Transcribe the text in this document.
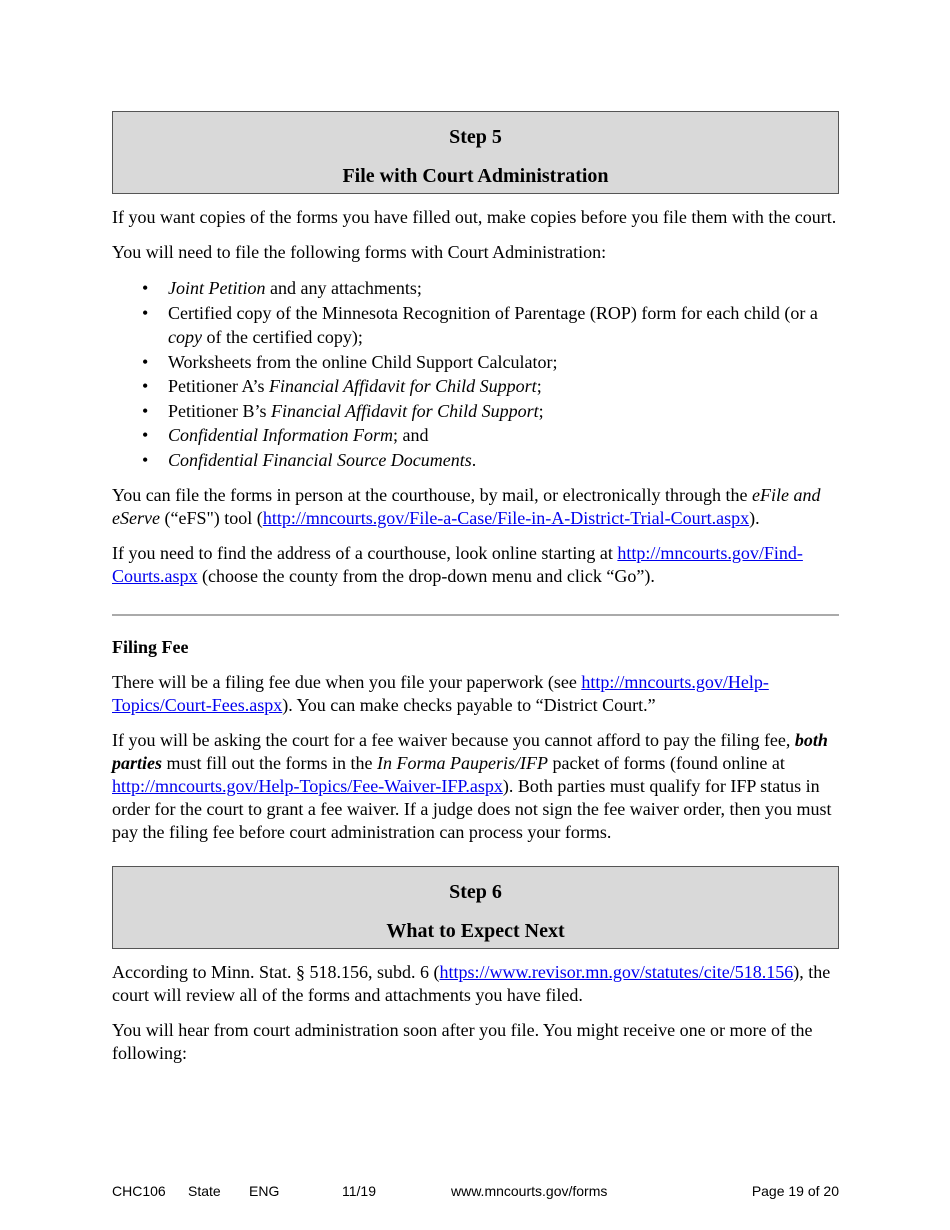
Step 5
File with Court Administration

If you want copies of the forms you have filled out, make copies before you file them with the court.

You will need to file the following forms with Court Administration:

• Joint Petition and any attachments;
• Certified copy of the Minnesota Recognition of Parentage (ROP) form for each child (or a copy of the certified copy);
• Worksheets from the online Child Support Calculator;
• Petitioner A’s Financial Affidavit for Child Support;
• Petitioner B’s Financial Affidavit for Child Support;
• Confidential Information Form; and
• Confidential Financial Source Documents.

You can file the forms in person at the courthouse, by mail, or electronically through the eFile and eServe (“eFS") tool (http://mncourts.gov/File-a-Case/File-in-A-District-Trial-Court.aspx).

If you need to find the address of a courthouse, look online starting at http://mncourts.gov/Find-Courts.aspx (choose the county from the drop-down menu and click “Go”).

Filing Fee

There will be a filing fee due when you file your paperwork (see http://mncourts.gov/Help-Topics/Court-Fees.aspx). You can make checks payable to “District Court.”

If you will be asking the court for a fee waiver because you cannot afford to pay the filing fee, both parties must fill out the forms in the In Forma Pauperis/IFP packet of forms (found online at http://mncourts.gov/Help-Topics/Fee-Waiver-IFP.aspx). Both parties must qualify for IFP status in order for the court to grant a fee waiver. If a judge does not sign the fee waiver order, then you must pay the filing fee before court administration can process your forms.

Step 6
What to Expect Next

According to Minn. Stat. § 518.156, subd. 6 (https://www.revisor.mn.gov/statutes/cite/518.156), the court will review all of the forms and attachments you have filed.

You will hear from court administration soon after you file. You might receive one or more of the following:

CHC106 State ENG	11/19	www.mncourts.gov/forms	Page 19 of 20
